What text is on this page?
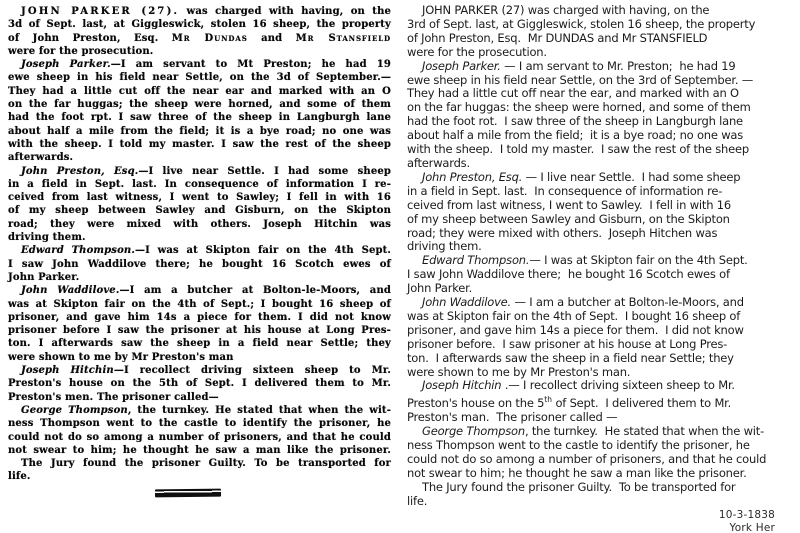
JOHN PARKER (27). was charged with having, on the
3d of Sept. last, at Giggleswick, stolen 16 sheep, the property
of John Preston, Esq. Mr Dundas and Mr Stansfield
were for the prosecution.
Joseph Parker.—I am servant to Mt Preston; he had 19
ewe sheep in his field near Settle, on the 3d of September.—
They had a little cut off the near ear and marked with an O
on the far huggas; the sheep were horned, and some of them
had the foot rpt. I saw three of the sheep in Langburgh lane
about half a mile from the field; it is a bye road; no one was
with the sheep. I told my master. I saw the rest of the sheep
afterwards.
John Preston, Esq.—I live near Settle. I had some sheep
in a field in Sept. last. In consequence of information I re-
ceived from last witness, I went to Sawley; I fell in with 16
of my sheep between Sawley and Gisburn, on the Skipton
road; they were mixed with others. Joseph Hitchin was
driving them.
Edward Thompson.—I was at Skipton fair on the 4th Sept.
I saw John Waddilove there; he bought 16 Scotch ewes of
John Parker.
John Waddilove.—I am a butcher at Bolton-le-Moors, and
was at Skipton fair on the 4th of Sept.; I bought 16 sheep of
prisoner, and gave him 14s a piece for them. I did not know
prisoner before I saw the prisoner at his house at Long Pres-
ton. I afterwards saw the sheep in a field near Settle; they
were shown to me by Mr Preston's man
Joseph Hitchin—I recollect driving sixteen sheep to Mr.
Preston's house on the 5th of Sept. I delivered them to Mr.
Preston's men. The prisoner called—
George Thompson, the turnkey. He stated that when the wit-
ness Thompson went to the castle to identify the prisoner, he
could not do so among a number of prisoners, and that he could
not swear to him; he thought he saw a man like the prisoner.
The Jury found the prisoner Guilty. To be transported for
life.
JOHN PARKER (27) was charged with having, on the
3rd of Sept. last, at Giggleswick, stolen 16 sheep, the property
of John Preston, Esq.  Mr DUNDAS and Mr STANSFIELD
were for the prosecution.
Joseph Parker. — I am servant to Mr. Preston;  he had 19
ewe sheep in his field near Settle, on the 3rd of September. —
They had a little cut off near the ear, and marked with an O
on the far huggas: the sheep were horned, and some of them
had the foot rot.  I saw three of the sheep in Langburgh lane
about half a mile from the field;  it is a bye road; no one was
with the sheep.  I told my master.  I saw the rest of the sheep
afterwards.
John Preston, Esq. — I live near Settle.  I had some sheep
in a field in Sept. last.  In consequence of information re-
ceived from last witness, I went to Sawley.  I fell in with 16
of my sheep between Sawley and Gisburn, on the Skipton
road; they were mixed with others.  Joseph Hitchen was
driving them.
Edward Thompson.— I was at Skipton fair on the 4th Sept.
I saw John Waddilove there;  he bought 16 Scotch ewes of
John Parker.
John Waddilove. — I am a butcher at Bolton-le-Moors, and
was at Skipton fair on the 4th of Sept.  I bought 16 sheep of
prisoner, and gave him 14s a piece for them.  I did not know
prisoner before.  I saw prisoner at his house at Long Pres-
ton.  I afterwards saw the sheep in a field near Settle; they
were shown to me by Mr Preston's man.
Joseph Hitchin .— I recollect driving sixteen sheep to Mr.
Preston's house on the 5th of Sept.  I delivered them to Mr.
Preston's man.  The prisoner called —
George Thompson, the turnkey.  He stated that when the wit-
ness Thompson went to the castle to identify the prisoner, he
could not do so among a number of prisoners, and that he could
not swear to him; he thought he saw a man like the prisoner.
The Jury found the prisoner Guilty.  To be transported for
life.
10-3-1838
York Her
